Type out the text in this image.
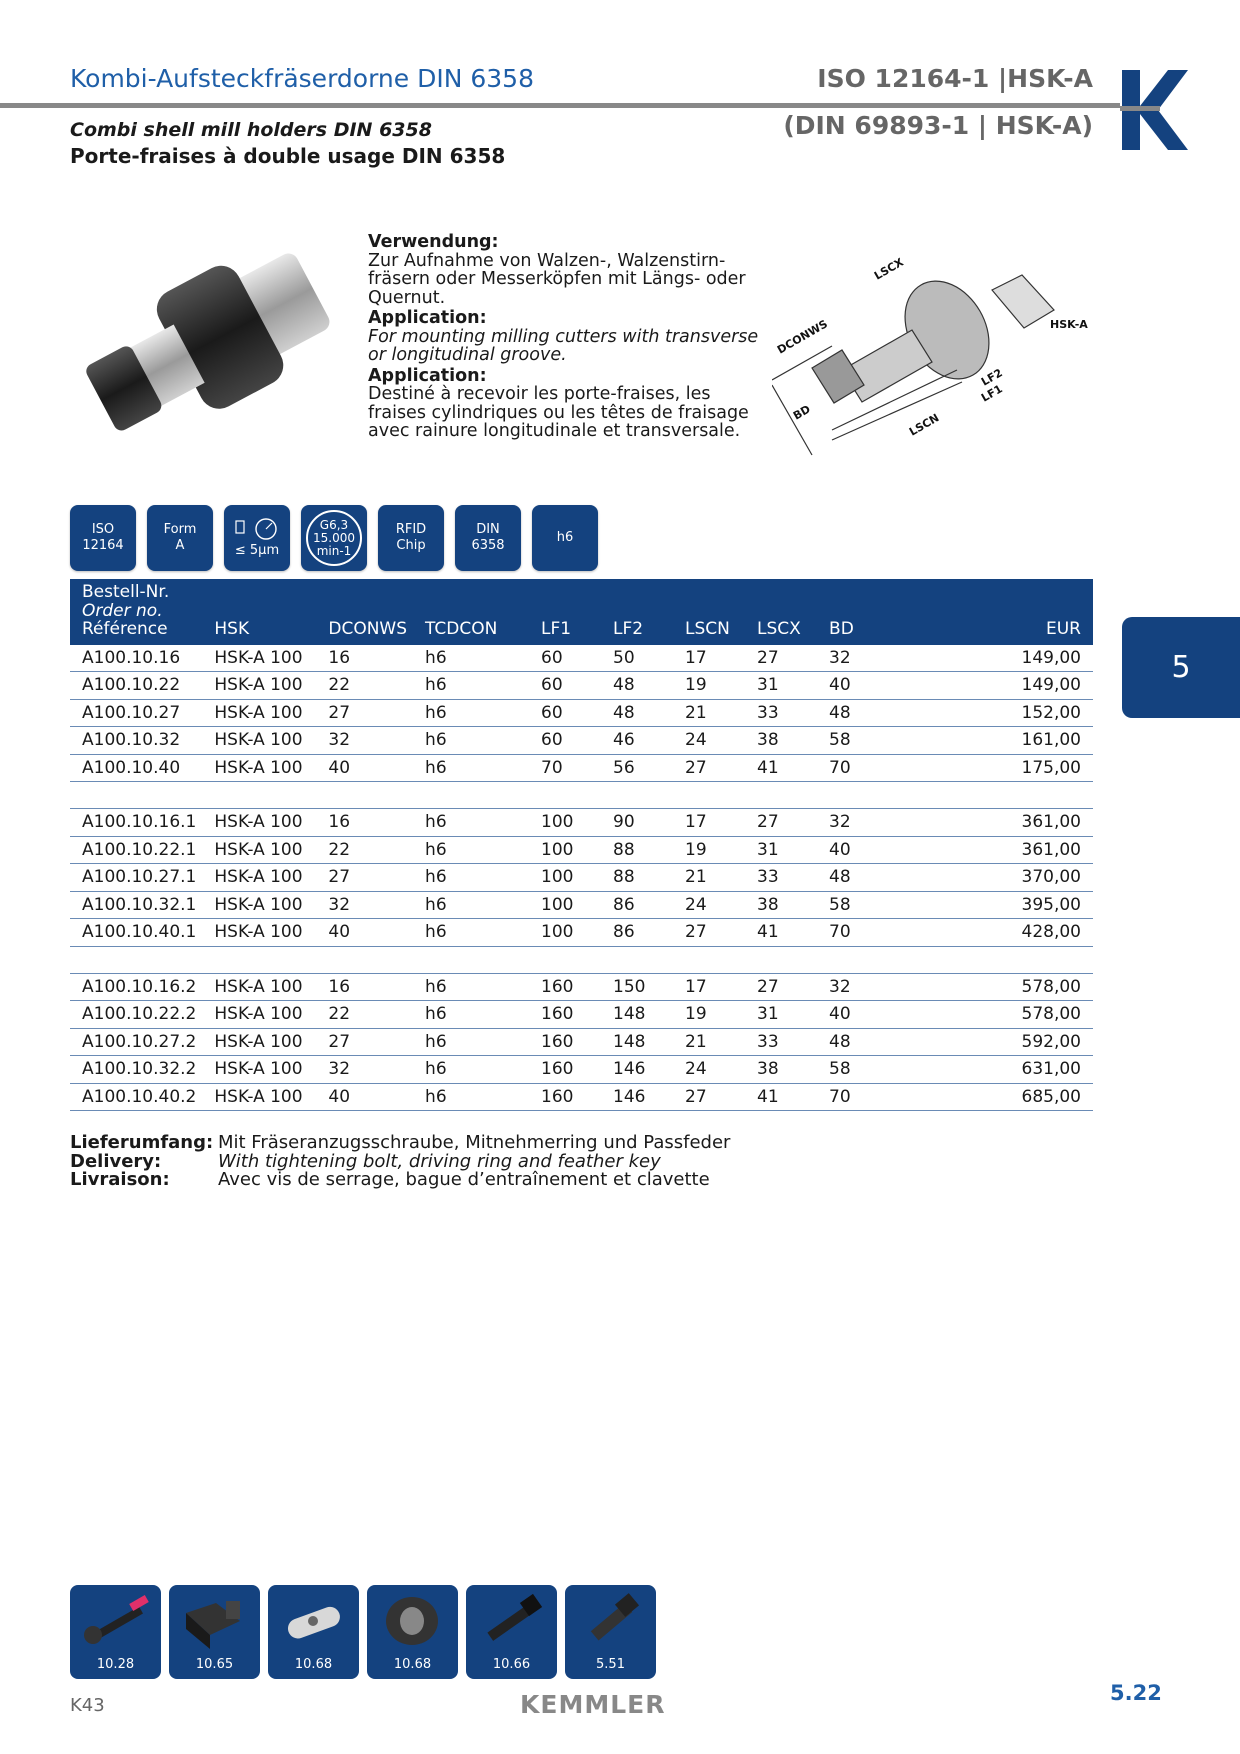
Kombi-Aufsteckfräserdorne DIN 6358	ISO 12164-1 |HSK-A
(DIN 69893-1 | HSK-A)
Combi shell mill holders DIN 6358
Porte-fraises à double usage DIN 6358
5
Verwendung:
Zur Aufnahme von Walzen-, Walzenstirn-fräsern oder Messerköpfen mit Längs- oder Quernut.
Application:
For mounting milling cutters with transverse or longitudinal groove.
Application:
Destiné à recevoir les porte-fraises, les fraises cylindriques ou les têtes de fraisage avec rainure longitudinale et transversale.
LSCX
DCONWS	HSK-A
LF2
LF1
LSCN
BD
ISO
12164
Form
A	≤ 5µm
G6,3
15.000
min-1
RFID
Chip
DIN
6358
h6
Bestell-Nr.
Order no.
Référence	HSK	DCONWS	TCDCON	LF1	LF2	LSCN	LSCX	BD	EUR
A100.10.16	HSK-A 100	16	h6	60	50	17	27	32	149,00
A100.10.22	HSK-A 100	22	h6	60	48	19	31	40	149,00
A100.10.27	HSK-A 100	27	h6	60	48	21	33	48	152,00
A100.10.32	HSK-A 100	32	h6	60	46	24	38	58	161,00
A100.10.40	HSK-A 100	40	h6	70	56	27	41	70	175,00

A100.10.16.1	HSK-A 100	16	h6	100	90	17	27	32	361,00
A100.10.22.1	HSK-A 100	22	h6	100	88	19	31	40	361,00
A100.10.27.1	HSK-A 100	27	h6	100	88	21	33	48	370,00
A100.10.32.1	HSK-A 100	32	h6	100	86	24	38	58	395,00
A100.10.40.1	HSK-A 100	40	h6	100	86	27	41	70	428,00

A100.10.16.2	HSK-A 100	16	h6	160	150	17	27	32	578,00
A100.10.22.2	HSK-A 100	22	h6	160	148	19	31	40	578,00
A100.10.27.2	HSK-A 100	27	h6	160	148	21	33	48	592,00
A100.10.32.2	HSK-A 100	32	h6	160	146	24	38	58	631,00
A100.10.40.2	HSK-A 100	40	h6	160	146	27	41	70	685,00
Lieferumfang: Mit Fräseranzugsschraube, Mitnehmerring und Passfeder
Delivery:	With tightening bolt, driving ring and feather key
Livraison:	Avec vis de serrage, bague d’entraînement et clavette
10.28	10.65	10.68	10.68	10.66	5.51
K43	KEMMLER	5.22
